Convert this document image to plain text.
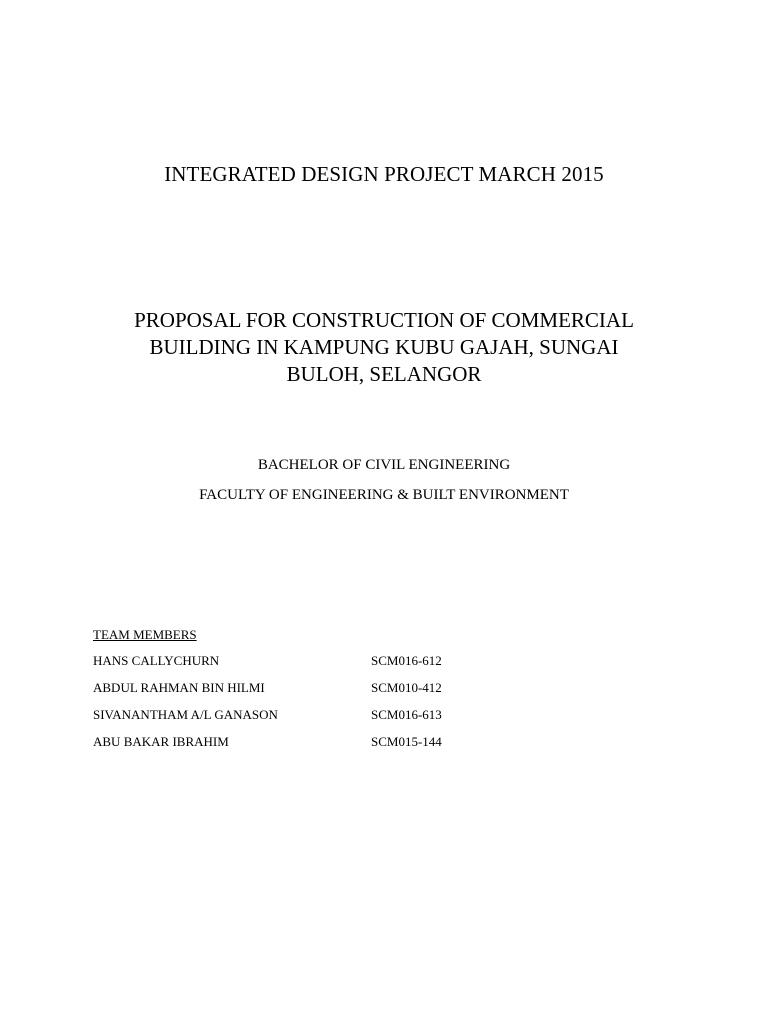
INTEGRATED DESIGN PROJECT MARCH 2015
PROPOSAL FOR CONSTRUCTION OF COMMERCIAL
BUILDING IN KAMPUNG KUBU GAJAH, SUNGAI
BULOH, SELANGOR
BACHELOR OF CIVIL ENGINEERING
FACULTY OF ENGINEERING & BUILT ENVIRONMENT
TEAM MEMBERS
HANS CALLYCHURN	SCM016-612
ABDUL RAHMAN BIN HILMI	SCM010-412
SIVANANTHAM A/L GANASON	SCM016-613
ABU BAKAR IBRAHIM	SCM015-144
